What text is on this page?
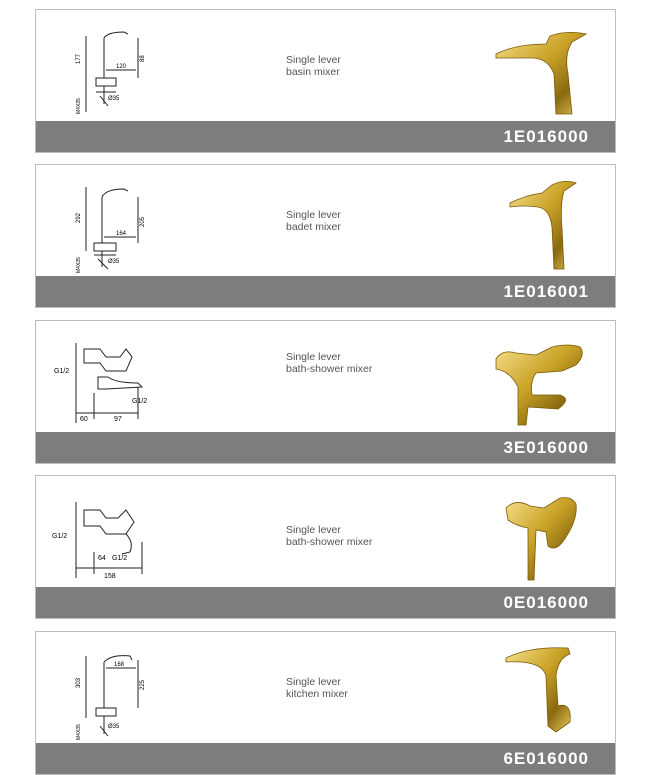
177	88
120
Ø35
M4X35
Single lever
basin mixer
1E016000
292	205
164
Ø35
M4X35
Single lever
badet mixer
1E016001
G1/2
G1/2
60	97
Single lever
bath-shower mixer
3E016000
G1/2
G1/2
64
158
Single lever
bath-shower mixer
0E016000
303	225
168
Ø35
M4X35
Single lever
kitchen mixer
6E016000
